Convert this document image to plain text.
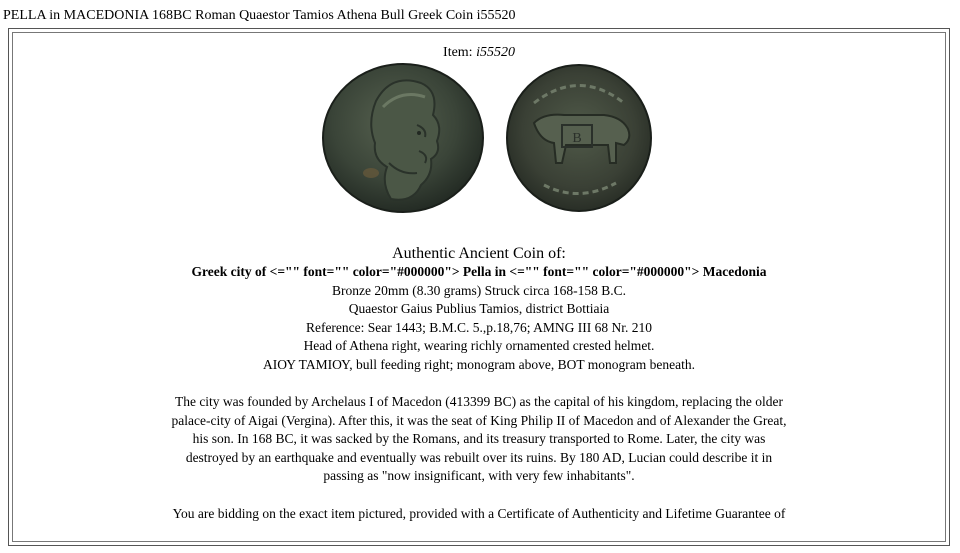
PELLA in MACEDONIA 168BC Roman Quaestor Tamios Athena Bull Greek Coin i55520
Item: i55520
B
Authentic Ancient Coin of:
Greek city of <="" font="" color="#000000"> Pella in <="" font="" color="#000000"> Macedonia
Bronze 20mm (8.30 grams) Struck circa 168-158 B.C.
Quaestor Gaius Publius Tamios, district Bottiaia
Reference: Sear 1443; B.M.C. 5.,p.18,76; AMNG III 68 Nr. 210
Head of Athena right, wearing richly ornamented crested helmet.
ΑΙΟΥ ΤΑΜΙΟΥ, bull feeding right; monogram above, BOT monogram beneath.
The city was founded by Archelaus I of Macedon (413399 BC) as the capital of his kingdom, replacing the older
palace-city of Aigai (Vergina). After this, it was the seat of King Philip II of Macedon and of Alexander the Great,
his son. In 168 BC, it was sacked by the Romans, and its treasury transported to Rome. Later, the city was
destroyed by an earthquake and eventually was rebuilt over its ruins. By 180 AD, Lucian could describe it in
passing as "now insignificant, with very few inhabitants".
You are bidding on the exact item pictured, provided with a Certificate of Authenticity and Lifetime Guarantee of
